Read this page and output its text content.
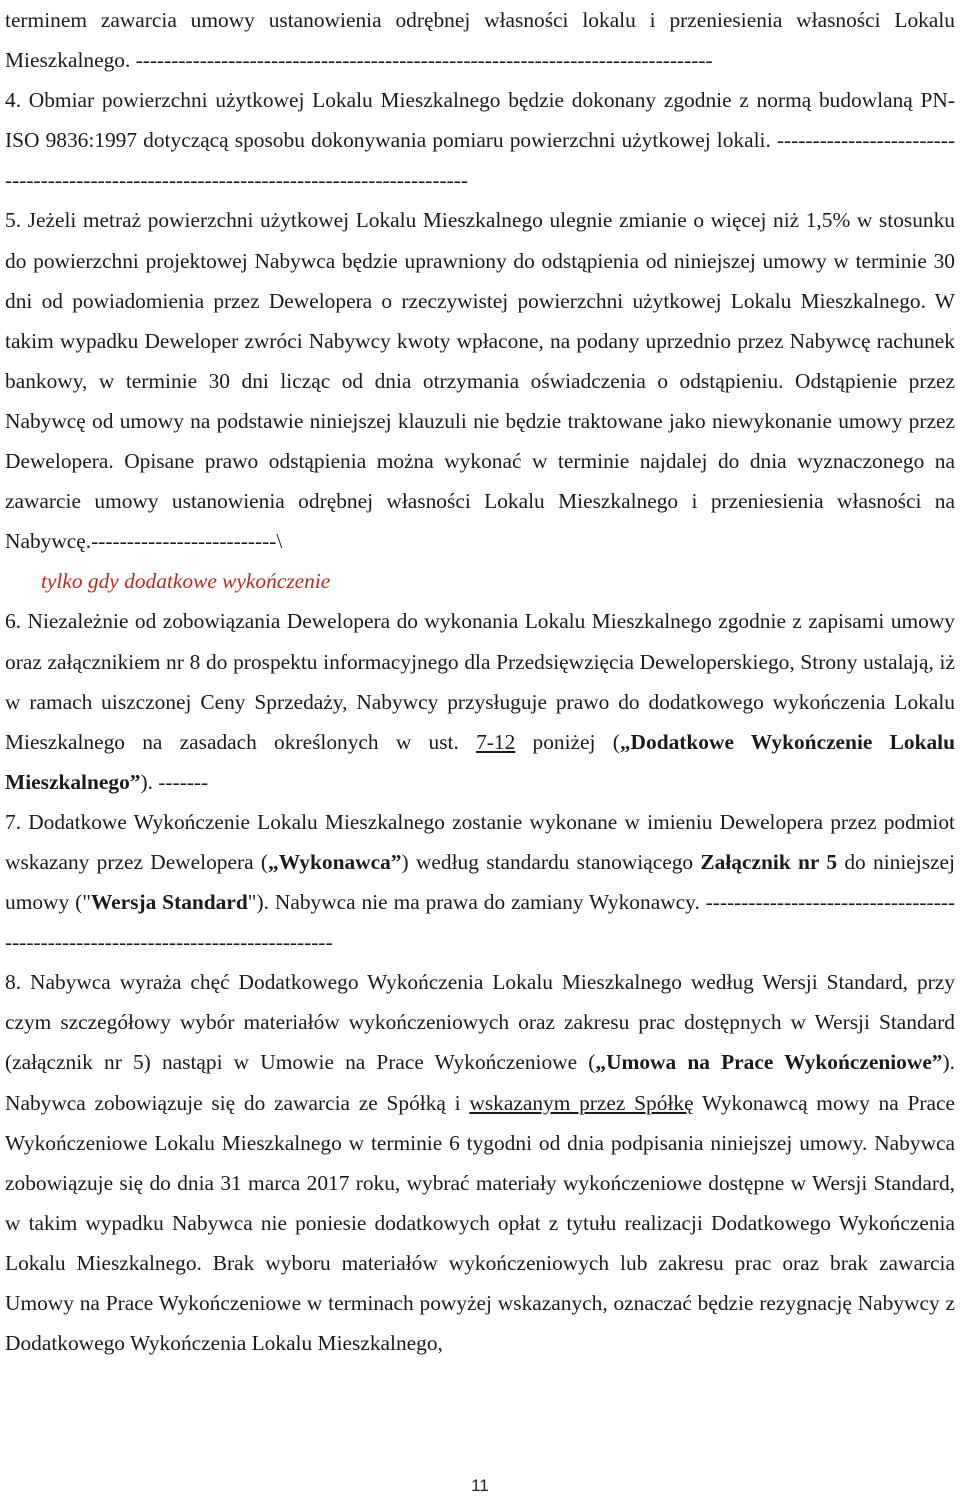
terminem zawarcia umowy ustanowienia odrębnej własności lokalu i przeniesienia własności Lokalu Mieszkalnego. ---------------------------------------------------------------------------------

4. Obmiar powierzchni użytkowej Lokalu Mieszkalnego będzie dokonany zgodnie z normą budowlaną PN-ISO 9836:1997 dotyczącą sposobu dokonywania pomiaru powierzchni użytkowej lokali. ------------------------------------------------------------------------------------------

5. Jeżeli metraż powierzchni użytkowej Lokalu Mieszkalnego ulegnie zmianie o więcej niż 1,5% w stosunku do powierzchni projektowej Nabywca będzie uprawniony do odstąpienia od niniejszej umowy w terminie 30 dni od powiadomienia przez Dewelopera o rzeczywistej powierzchni użytkowej Lokalu Mieszkalnego. W takim wypadku Deweloper zwróci Nabywcy kwoty wpłacone, na podany uprzednio przez Nabywcę rachunek bankowy, w terminie 30 dni licząc od dnia otrzymania oświadczenia o odstąpieniu. Odstąpienie przez Nabywcę od umowy na podstawie niniejszej klauzuli nie będzie traktowane jako niewykonanie umowy przez Dewelopera. Opisane prawo odstąpienia można wykonać w terminie najdalej do dnia wyznaczonego na zawarcie umowy ustanowienia odrębnej własności Lokalu Mieszkalnego i przeniesienia własności na Nabywcę.--------------------------\

tylko gdy dodatkowe wykończenie

6. Niezależnie od zobowiązania Dewelopera do wykonania Lokalu Mieszkalnego zgodnie z zapisami umowy oraz załącznikiem nr 8 do prospektu informacyjnego dla Przedsięwzięcia Deweloperskiego, Strony ustalają, iż w ramach uiszczonej Ceny Sprzedaży, Nabywcy przysługuje prawo do dodatkowego wykończenia Lokalu Mieszkalnego na zasadach określonych w ust. 7-12 poniżej („Dodatkowe Wykończenie Lokalu Mieszkalnego”). -------

7. Dodatkowe Wykończenie Lokalu Mieszkalnego zostanie wykonane w imieniu Dewelopera przez podmiot wskazany przez Dewelopera („Wykonawca”) według standardu stanowiącego Załącznik nr 5 do niniejszej umowy ("Wersja Standard"). Nabywca nie ma prawa do zamiany Wykonawcy. ---------------------------------------------------------------------------------

8. Nabywca wyraża chęć Dodatkowego Wykończenia Lokalu Mieszkalnego według Wersji Standard, przy czym szczegółowy wybór materiałów wykończeniowych oraz zakresu prac dostępnych w Wersji Standard (załącznik nr 5) nastąpi w Umowie na Prace Wykończeniowe („Umowa na Prace Wykończeniowe”). Nabywca zobowiązuje się do zawarcia ze Spółką i wskazanym przez Spółkę Wykonawcą mowy na Prace Wykończeniowe Lokalu Mieszkalnego w terminie 6 tygodni od dnia podpisania niniejszej umowy. Nabywca zobowiązuje się do dnia 31 marca 2017 roku, wybrać materiały wykończeniowe dostępne w Wersji Standard, w takim wypadku Nabywca nie poniesie dodatkowych opłat z tytułu realizacji Dodatkowego Wykończenia Lokalu Mieszkalnego. Brak wyboru materiałów wykończeniowych lub zakresu prac oraz brak zawarcia Umowy na Prace Wykończeniowe w terminach powyżej wskazanych, oznaczać będzie rezygnację Nabywcy z Dodatkowego Wykończenia Lokalu Mieszkalnego,

11
